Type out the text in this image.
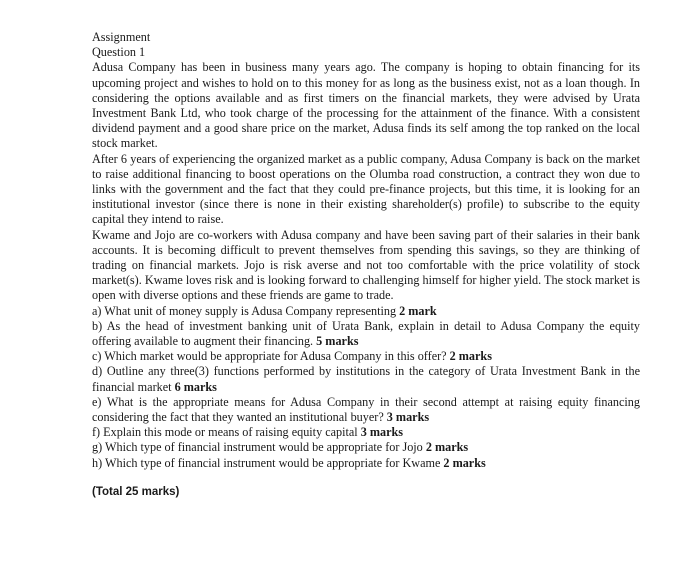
Assignment
Question 1

Adusa Company has been in business many years ago. The company is hoping to obtain financing for its upcoming project and wishes to hold on to this money for as long as the business exist, not as a loan though. In considering the options available and as first timers on the financial markets, they were advised by Urata Investment Bank Ltd, who took charge of the processing for the attainment of the finance. With a consistent dividend payment and a good share price on the market, Adusa finds its self among the top ranked on the local stock market.

After 6 years of experiencing the organized market as a public company, Adusa Company is back on the market to raise additional financing to boost operations on the Olumba road construction, a contract they won due to links with the government and the fact that they could pre-finance projects, but this time, it is looking for an institutional investor (since there is none in their existing shareholder(s) profile) to subscribe to the equity capital they intend to raise.

Kwame and Jojo are co-workers with Adusa company and have been saving part of their salaries in their bank accounts. It is becoming difficult to prevent themselves from spending this savings, so they are thinking of trading on financial markets. Jojo is risk averse and not too comfortable with the price volatility of stock market(s). Kwame loves risk and is looking forward to challenging himself for higher yield. The stock market is open with diverse options and these friends are game to trade.

a) What unit of money supply is Adusa Company representing 2 mark

b) As the head of investment banking unit of Urata Bank, explain in detail to Adusa Company the equity offering available to augment their financing. 5 marks

c) Which market would be appropriate for Adusa Company in this offer? 2 marks

d) Outline any three(3) functions performed by institutions in the category of Urata Investment Bank in the financial market 6 marks

e) What is the appropriate means for Adusa Company in their second attempt at raising equity financing considering the fact that they wanted an institutional buyer? 3 marks

f) Explain this mode or means of raising equity capital 3 marks

g) Which type of financial instrument would be appropriate for Jojo 2 marks

h) Which type of financial instrument would be appropriate for Kwame 2 marks

(Total 25 marks)
